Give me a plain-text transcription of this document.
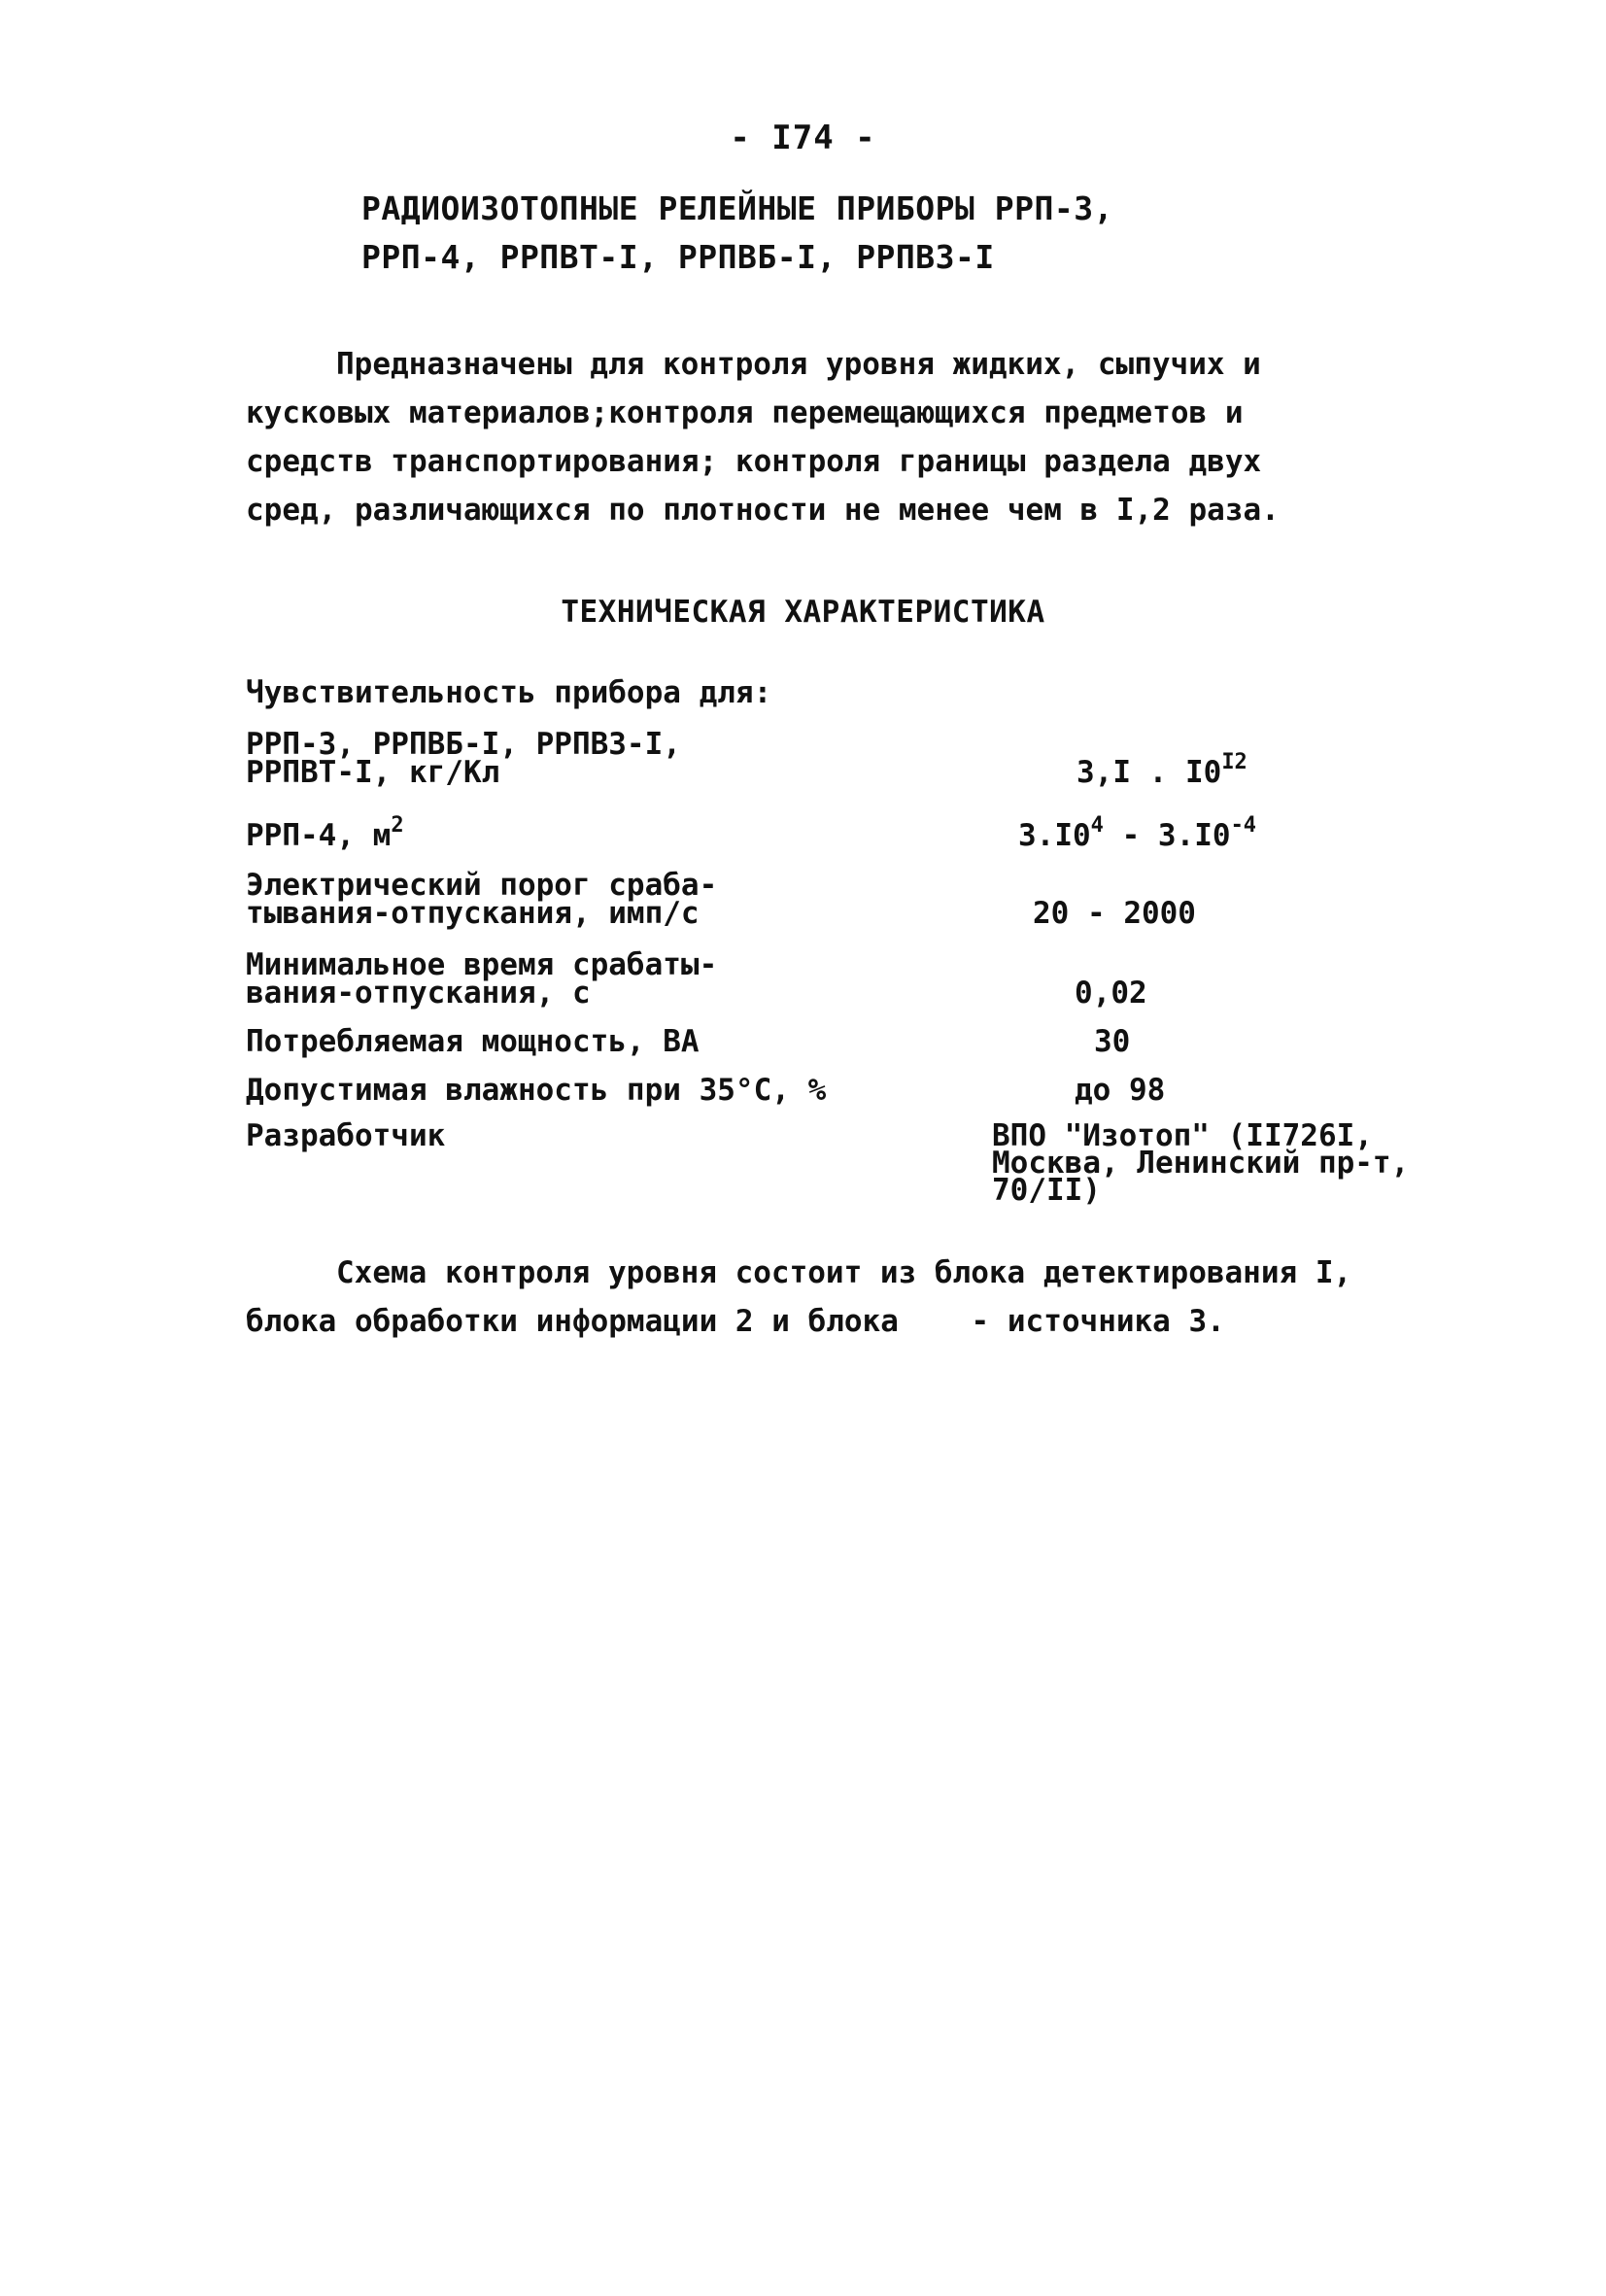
- I74 -
РАДИОИЗОТОПНЫЕ РЕЛЕЙНЫЕ ПРИБОРЫ РРП-3,
РРП-4, РРПВТ-I, РРПВБ-I, РРПВЗ-I
Предназначены для контроля уровня жидких, сыпучих и
кусковых материалов;контроля перемещающихся предметов и
средств транспортирования; контроля границы раздела двух
сред, различающихся по плотности не менее чем в I,2 раза.
ТЕХНИЧЕСКАЯ ХАРАКТЕРИСТИКА
Чувствительность прибора для:
РРП-3, РРПВБ-I, РРПВЗ-I,
РРПВТ-I, кг/Кл	3,I . $I0^{I2}$
РРП-4, $м^2$	$3.I0^4 - 3.I0^{-4}$
Электрический порог сраба-
тывания-отпускания, имп/с	20 - 2000
Минимальное время срабаты-
вания-отпускания, с	0,02
Потребляемая мощность, ВА	30
Допустимая влажность при 35°С, %	до 98
Разработчик	ВПО "Изотоп" (II726I,
Москва, Ленинский пр-т,
70/II)
Схема контроля уровня состоит из блока детектирования I,
блока обработки информации 2 и блока    - источника 3.
